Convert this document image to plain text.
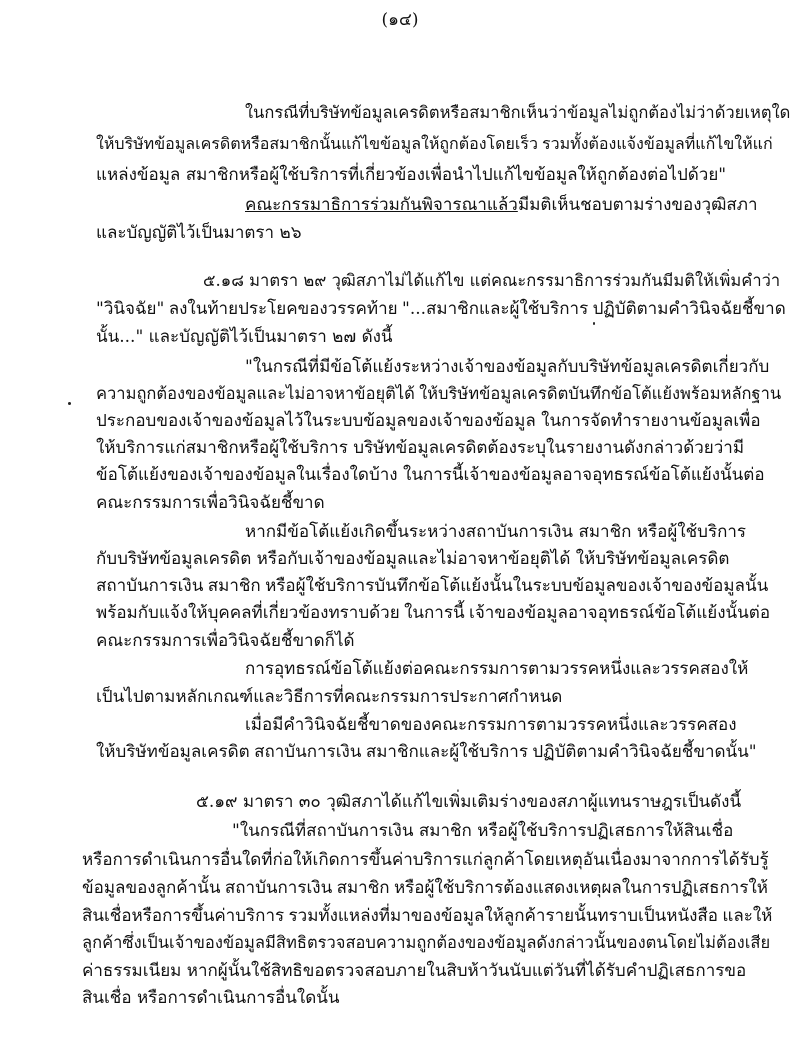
(๑๔)
ในกรณีที่บริษัทข้อมูลเครดิตหรือสมาชิกเห็นว่าข้อมูลไม่ถูกต้องไม่ว่าด้วยเหตุใด
ให้บริษัทข้อมูลเครดิตหรือสมาชิกนั้นแก้ไขข้อมูลให้ถูกต้องโดยเร็ว รวมทั้งต้องแจ้งข้อมูลที่แก้ไขให้แก่
แหล่งข้อมูล สมาชิกหรือผู้ใช้บริการที่เกี่ยวข้องเพื่อนำไปแก้ไขข้อมูลให้ถูกต้องต่อไปด้วย"
คณะกรรมาธิการร่วมกันพิจารณาแล้ว มีมติเห็นชอบตามร่างของวุฒิสภา
และบัญญัติไว้เป็นมาตรา ๒๖
๕.๑๘ มาตรา ๒๙ วุฒิสภาไม่ได้แก้ไข แต่คณะกรรมาธิการร่วมกันมีมติให้เพิ่มคำว่า
"วินิจฉัย" ลงในท้ายประโยคของวรรคท้าย "...สมาชิกและผู้ใช้บริการ ปฏิบัติตามคำวินิจฉัยชี้ขาด
นั้น..." และบัญญัติไว้เป็นมาตรา ๒๗ ดังนี้
"ในกรณีที่มีข้อโต้แย้งระหว่างเจ้าของข้อมูลกับบริษัทข้อมูลเครดิตเกี่ยวกับ
ความถูกต้องของข้อมูลและไม่อาจหาข้อยุติได้ ให้บริษัทข้อมูลเครดิตบันทึกข้อโต้แย้งพร้อมหลักฐาน
ประกอบของเจ้าของข้อมูลไว้ในระบบข้อมูลของเจ้าของข้อมูล ในการจัดทำรายงานข้อมูลเพื่อ
ให้บริการแก่สมาชิกหรือผู้ใช้บริการ บริษัทข้อมูลเครดิตต้องระบุในรายงานดังกล่าวด้วยว่ามี
ข้อโต้แย้งของเจ้าของข้อมูลในเรื่องใดบ้าง ในการนี้เจ้าของข้อมูลอาจอุทธรณ์ข้อโต้แย้งนั้นต่อ
คณะกรรมการเพื่อวินิจฉัยชี้ขาด
หากมีข้อโต้แย้งเกิดขึ้นระหว่างสถาบันการเงิน สมาชิก หรือผู้ใช้บริการ
กับบริษัทข้อมูลเครดิต หรือกับเจ้าของข้อมูลและไม่อาจหาข้อยุติได้ ให้บริษัทข้อมูลเครดิต
สถาบันการเงิน สมาชิก หรือผู้ใช้บริการบันทึกข้อโต้แย้งนั้นในระบบข้อมูลของเจ้าของข้อมูลนั้น
พร้อมกับแจ้งให้บุคคลที่เกี่ยวข้องทราบด้วย ในการนี้ เจ้าของข้อมูลอาจอุทธรณ์ข้อโต้แย้งนั้นต่อ
คณะกรรมการเพื่อวินิจฉัยชี้ขาดก็ได้
การอุทธรณ์ข้อโต้แย้งต่อคณะกรรมการตามวรรคหนึ่งและวรรคสองให้
เป็นไปตามหลักเกณฑ์และวิธีการที่คณะกรรมการประกาศกำหนด
เมื่อมีคำวินิจฉัยชี้ขาดของคณะกรรมการตามวรรคหนึ่งและวรรคสอง
ให้บริษัทข้อมูลเครดิต สถาบันการเงิน สมาชิกและผู้ใช้บริการ ปฏิบัติตามคำวินิจฉัยชี้ขาดนั้น"
๕.๑๙ มาตรา ๓๐ วุฒิสภาได้แก้ไขเพิ่มเติมร่างของสภาผู้แทนราษฎรเป็นดังนี้
"ในกรณีที่สถาบันการเงิน สมาชิก หรือผู้ใช้บริการปฏิเสธการให้สินเชื่อ
หรือการดำเนินการอื่นใดที่ก่อให้เกิดการขึ้นค่าบริการแก่ลูกค้าโดยเหตุอันเนื่องมาจากการได้รับรู้
ข้อมูลของลูกค้านั้น สถาบันการเงิน สมาชิก หรือผู้ใช้บริการต้องแสดงเหตุผลในการปฏิเสธการให้
สินเชื่อหรือการขึ้นค่าบริการ รวมทั้งแหล่งที่มาของข้อมูลให้ลูกค้ารายนั้นทราบเป็นหนังสือ และให้
ลูกค้าซึ่งเป็นเจ้าของข้อมูลมีสิทธิตรวจสอบความถูกต้องของข้อมูลดังกล่าวนั้นของตนโดยไม่ต้องเสีย
ค่าธรรมเนียม หากผู้นั้นใช้สิทธิขอตรวจสอบภายในสิบห้าวันนับแต่วันที่ได้รับคำปฏิเสธการขอ
สินเชื่อ หรือการดำเนินการอื่นใดนั้น
